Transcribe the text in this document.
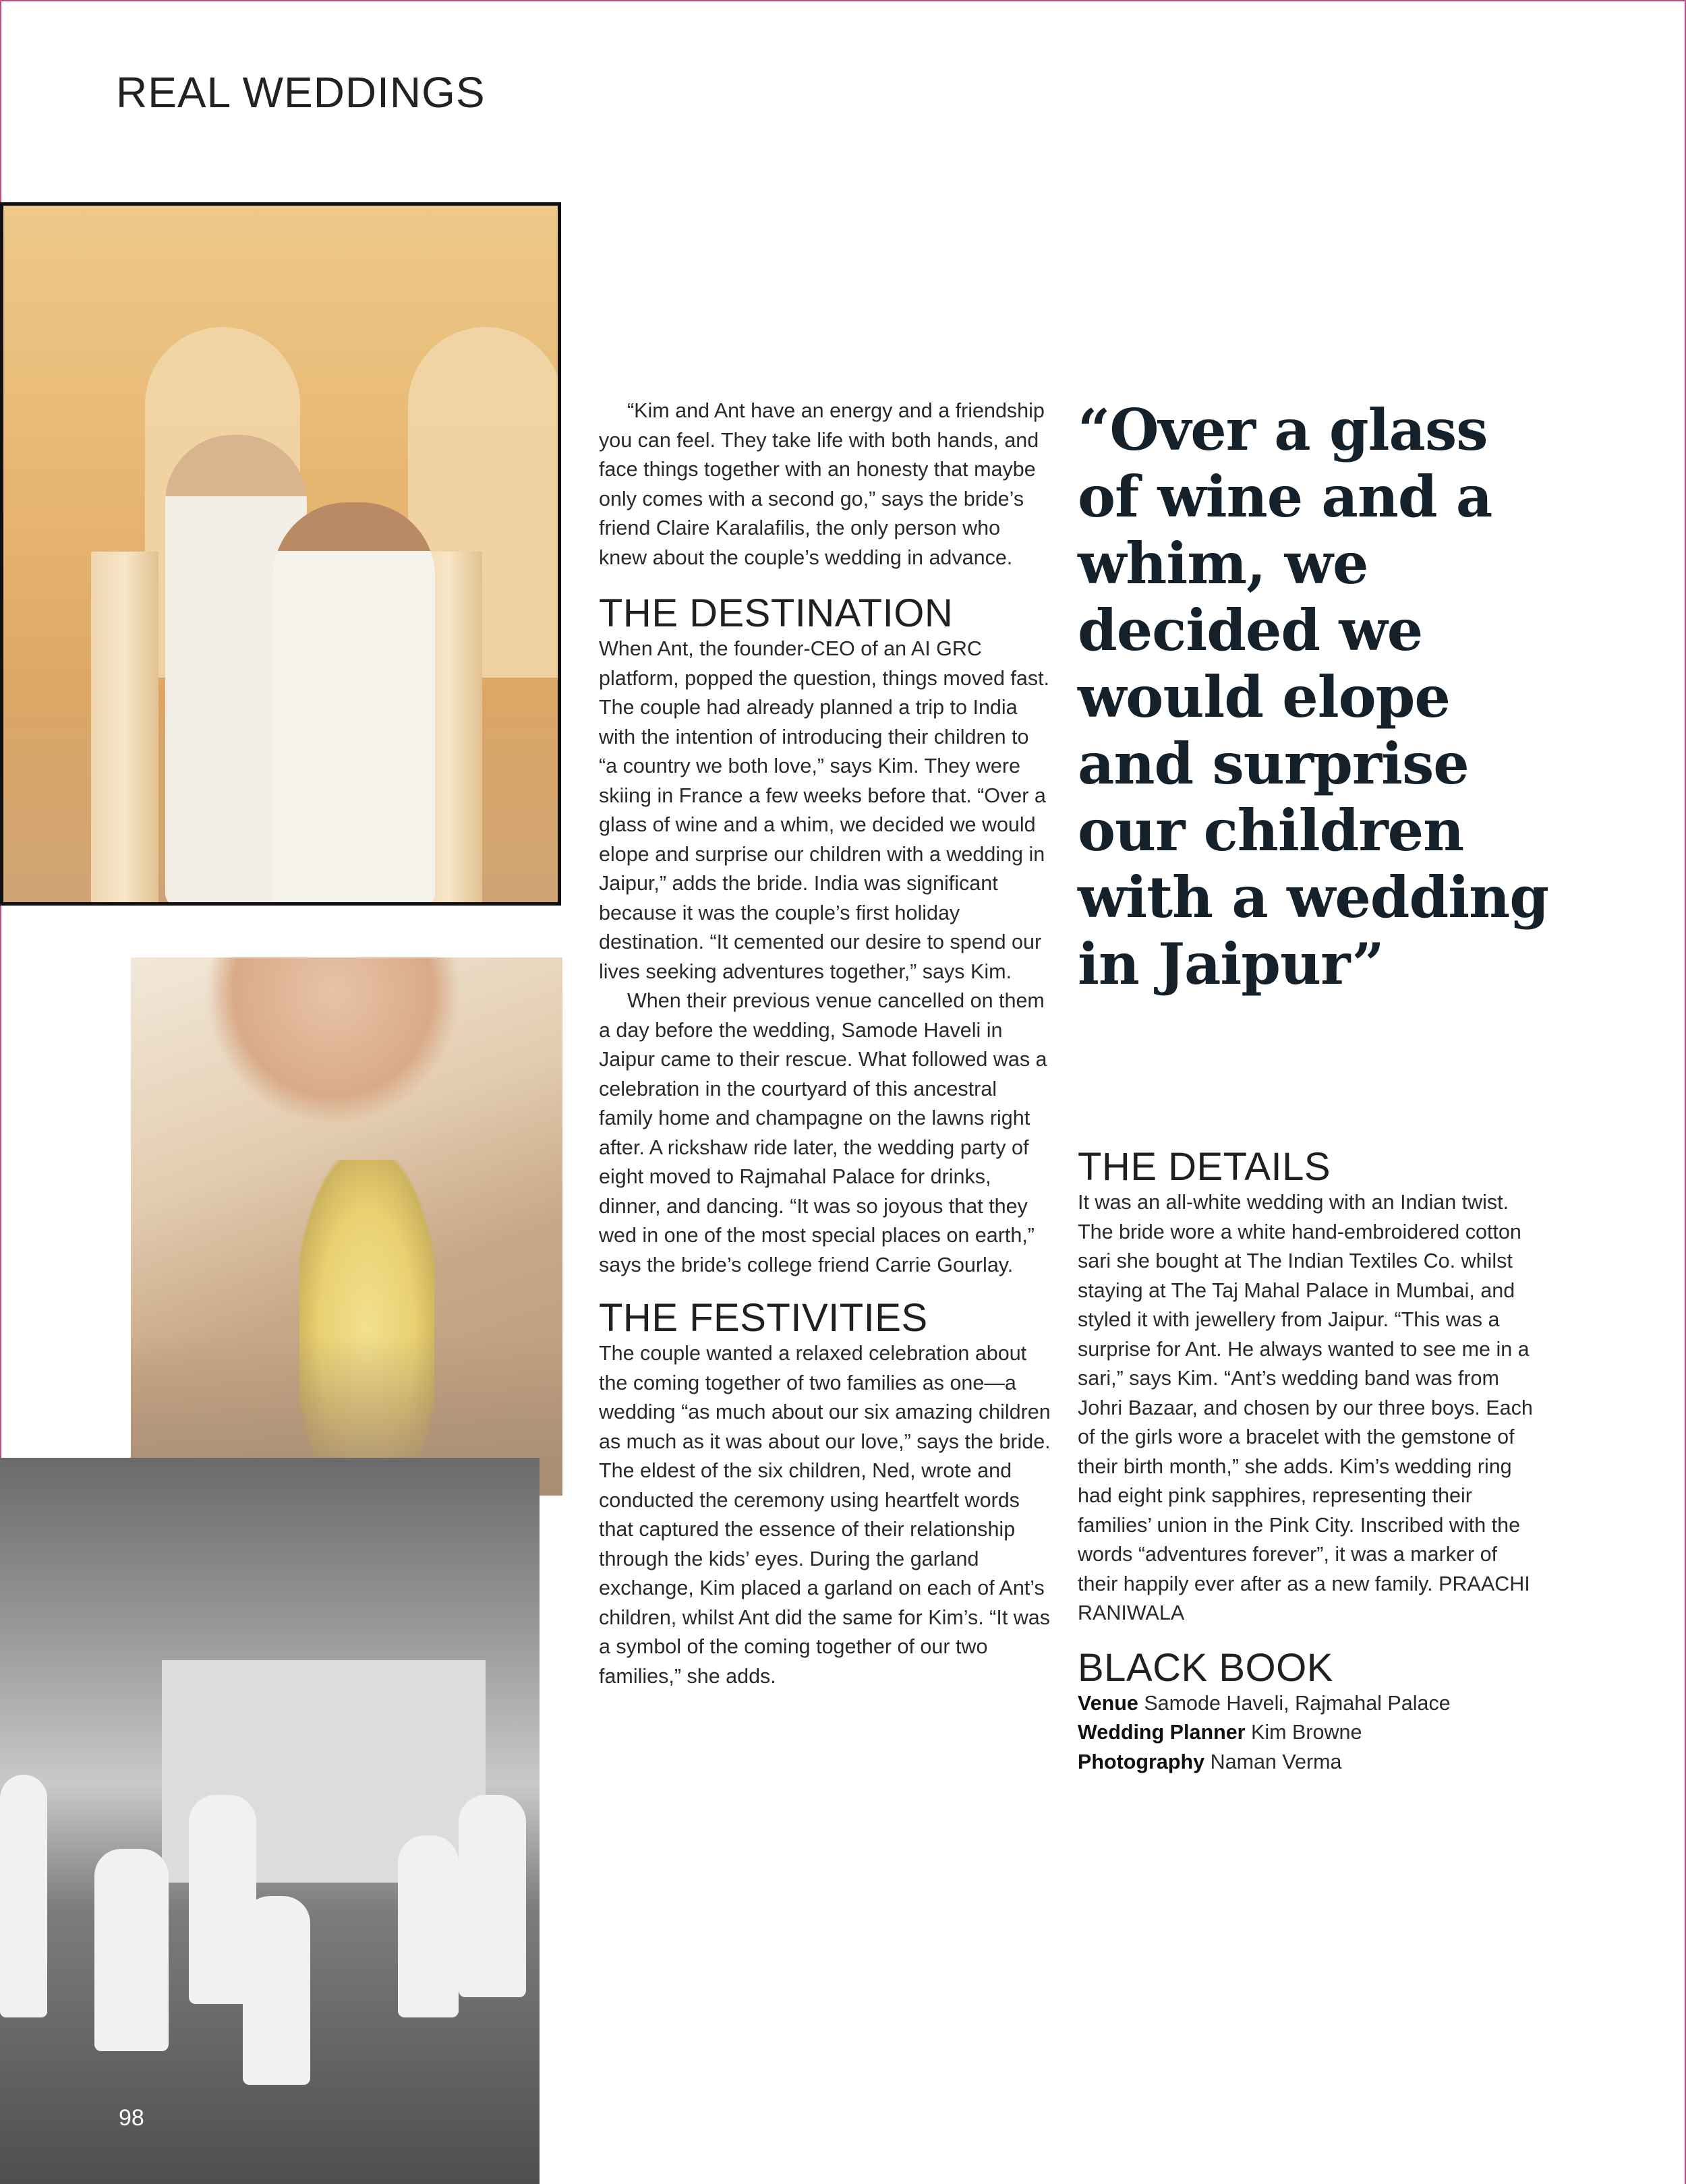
REAL WEDDINGS
98

“Kim and Ant have an energy and a friendship you can feel. They take life with both hands, and face things together with an honesty that maybe only comes with a second go,” says the bride’s friend Claire Karalafilis, the only person who knew about the couple’s wedding in advance.

THE DESTINATION

When Ant, the founder-CEO of an AI GRC platform, popped the question, things moved fast. The couple had already planned a trip to India with the intention of introducing their children to “a country we both love,” says Kim. They were skiing in France a few weeks before that. “Over a glass of wine and a whim, we decided we would elope and surprise our children with a wedding in Jaipur,” adds the bride. India was significant because it was the couple’s first holiday destination. “It cemented our desire to spend our lives seeking adventures together,” says Kim.

When their previous venue cancelled on them a day before the wedding, Samode Haveli in Jaipur came to their rescue. What followed was a celebration in the courtyard of this ancestral family home and champagne on the lawns right after. A rickshaw ride later, the wedding party of eight moved to Rajmahal Palace for drinks, dinner, and dancing. “It was so joyous that they wed in one of the most special places on earth,” says the bride’s college friend Carrie Gourlay.

THE FESTIVITIES

The couple wanted a relaxed celebration about the coming together of two families as one—a wedding “as much about our six amazing children as much as it was about our love,” says the bride. The eldest of the six children, Ned, wrote and conducted the ceremony using heartfelt words that captured the essence of their relationship through the kids’ eyes. During the garland exchange, Kim placed a garland on each of Ant’s children, whilst Ant did the same for Kim’s. “It was a symbol of the coming together of our two families,” she adds.

“Over a glass of wine and a whim, we decided we would elope and surprise our children with a wedding in Jaipur”

THE DETAILS

It was an all-white wedding with an Indian twist. The bride wore a white hand-embroidered cotton sari she bought at The Indian Textiles Co. whilst staying at The Taj Mahal Palace in Mumbai, and styled it with jewellery from Jaipur. “This was a surprise for Ant. He always wanted to see me in a sari,” says Kim. “Ant’s wedding band was from Johri Bazaar, and chosen by our three boys. Each of the girls wore a bracelet with the gemstone of their birth month,” she adds. Kim’s wedding ring had eight pink sapphires, representing their families’ union in the Pink City. Inscribed with the words “adventures forever”, it was a marker of their happily ever after as a new family. PRAACHI RANIWALA

BLACK BOOK

Venue Samode Haveli, Rajmahal Palace

Wedding Planner Kim Browne

Photography Naman Verma
